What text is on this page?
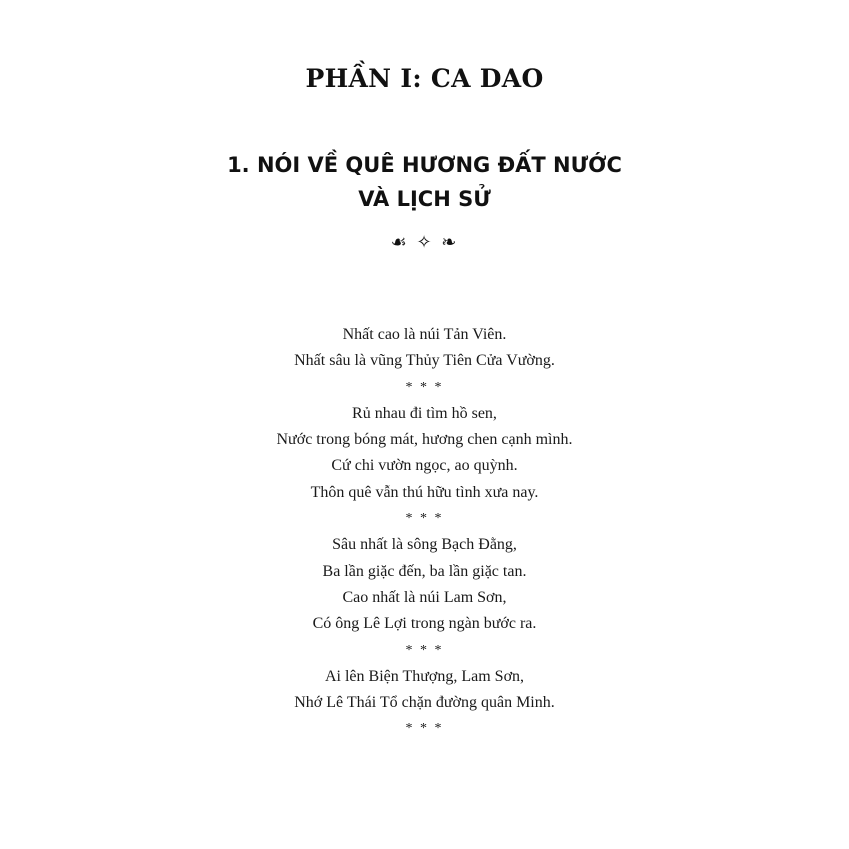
PHẦN I: CA DAO
1. NÓI VỀ QUÊ HƯƠNG ĐẤT NƯỚC
VÀ LỊCH SỬ
☙ ✧ ❧
Nhất cao là núi Tản Viên.
Nhất sâu là vũng Thủy Tiên Cửa Vường.
* * *
Rủ nhau đi tìm hồ sen,
Nước trong bóng mát, hương chen cạnh mình.
Cứ chi vườn ngọc, ao quỳnh.
Thôn quê vẫn thú hữu tình xưa nay.
* * *
Sâu nhất là sông Bạch Đằng,
Ba lần giặc đến, ba lần giặc tan.
Cao nhất là núi Lam Sơn,
Có ông Lê Lợi trong ngàn bước ra.
* * *
Ai lên Biện Thượng, Lam Sơn,
Nhớ Lê Thái Tổ chặn đường quân Minh.
* * *
